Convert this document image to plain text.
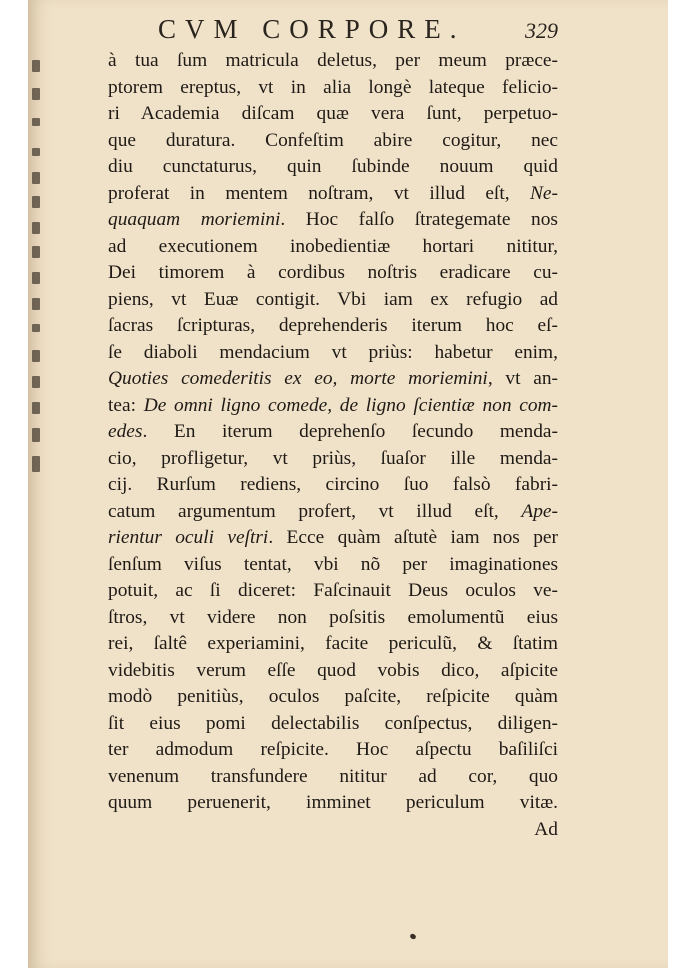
CVM CORPORE.	329
à tua ſum matricula deletus, per meum præce-
ptorem ereptus, vt in alia longè lateque felicio-
ri Academia diſcam quæ vera ſunt, perpetuo-
que duratura. Confeſtim abire cogitur, nec
diu cunctaturus, quin ſubinde nouum quid
proferat in mentem noſtram, vt illud eſt, Ne-
quaquam moriemini. Hoc falſo ſtrategemate nos
ad executionem inobedientiæ hortari nititur,
Dei timorem à cordibus noſtris eradicare cu-
piens, vt Euæ contigit. Vbi iam ex refugio ad
ſacras ſcripturas, deprehenderis iterum hoc eſ-
ſe diaboli mendacium vt priùs: habetur enim,
Quoties comederitis ex eo, morte moriemini, vt an-
tea: De omni ligno comede, de ligno ſcientiæ non com-
edes. En iterum deprehenſo ſecundo menda-
cio, profligetur, vt priùs, ſuaſor ille menda-
cij. Rurſum rediens, circino ſuo falsò fabri-
catum argumentum profert, vt illud eſt, Ape-
rientur oculi veſtri. Ecce quàm aſtutè iam nos per
ſenſum viſus tentat, vbi nõ per imaginationes
potuit, ac ſi diceret: Faſcinauit Deus oculos ve-
ſtros, vt videre non poſsitis emolumentũ eius
rei, ſaltê experiamini, facite periculũ, & ſtatim
videbitis verum eſſe quod vobis dico, aſpicite
modò penitiùs, oculos paſcite, reſpicite quàm
ſit eius pomi delectabilis conſpectus, diligen-
ter admodum reſpicite. Hoc aſpectu baſiliſci
venenum transfundere nititur ad cor, quo
quum peruenerit, imminet periculum vitæ.
Ad
